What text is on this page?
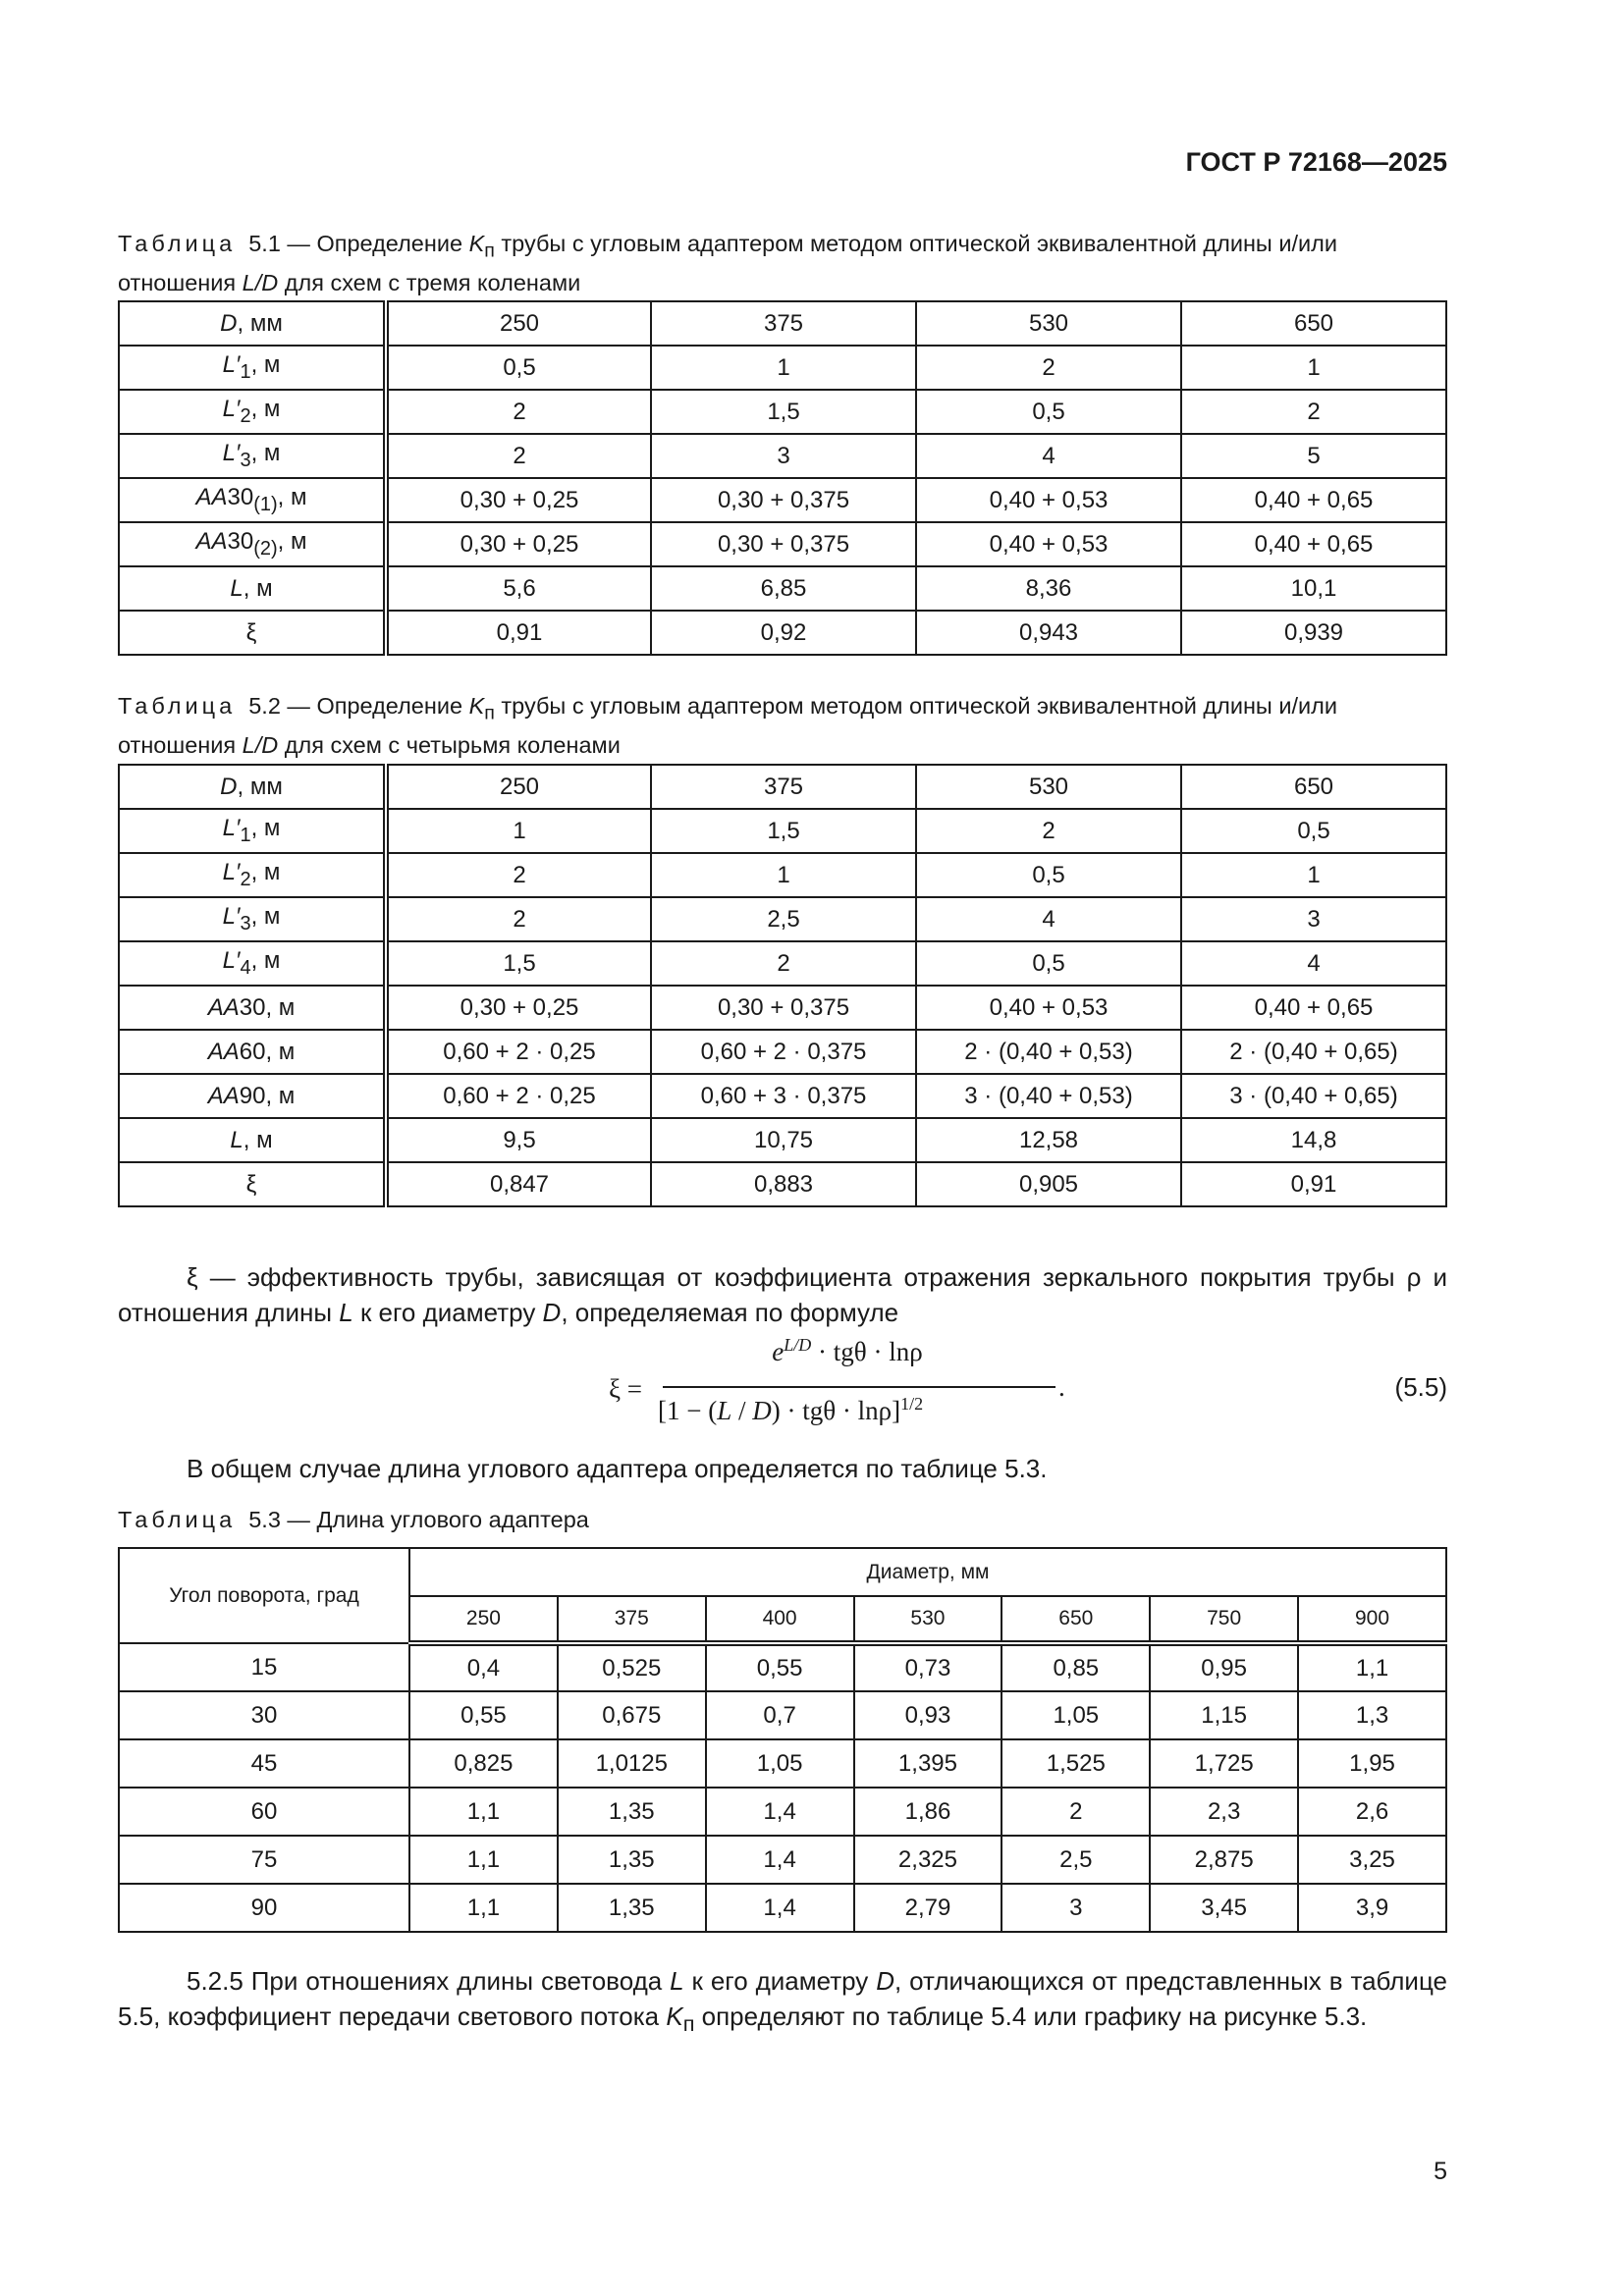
ГОСТ Р 72168—2025
Таблица 5.1 — Определение $K_п$ трубы с угловым адаптером методом оптической эквивалентной длины и/или
отношения L/D для схем с тремя коленами
D, мм	250	375	530	650
$L'_1$, м	0,5	1	2	1
$L'_2$, м	2	1,5	0,5	2
$L'_3$, м	2	3	4	5
$AA30_{(1)}$, м	0,30 + 0,25	0,30 + 0,375	0,40 + 0,53	0,40 + 0,65
$AA30_{(2)}$, м	0,30 + 0,25	0,30 + 0,375	0,40 + 0,53	0,40 + 0,65
L, м	5,6	6,85	8,36	10,1
ξ	0,91	0,92	0,943	0,939
Таблица 5.2 — Определение $K_п$ трубы с угловым адаптером методом оптической эквивалентной длины и/или
отношения L/D для схем с четырьмя коленами
D, мм	250	375	530	650
$L'_1$, м	1	1,5	2	0,5
$L'_2$, м	2	1	0,5	1
$L'_3$, м	2	2,5	4	3
$L'_4$, м	1,5	2	0,5	4
AA30, м	0,30 + 0,25	0,30 + 0,375	0,40 + 0,53	0,40 + 0,65
AA60, м	0,60 + 2 · 0,25	0,60 + 2 · 0,375	2 · (0,40 + 0,53)	2 · (0,40 + 0,65)
AA90, м	0,60 + 2 · 0,25	0,60 + 3 · 0,375	3 · (0,40 + 0,53)	3 · (0,40 + 0,65)
L, м	9,5	10,75	12,58	14,8
ξ	0,847	0,883	0,905	0,91
ξ — эффективность трубы, зависящая от коэффициента отражения зеркального покрытия трубы ρ и отношения длины L к его диаметру D, определяемая по формуле
ξ =
$e^{L/D} \cdot tg\theta \cdot \ln\rho$
$[1 - (L / D) \cdot tg\theta \cdot \ln\rho]^{1/2}$
.	(5.5)
В общем случае длина углового адаптера определяется по таблице 5.3.
Таблица 5.3 — Длина углового адаптера
Угол поворота, град	Диаметр, мм						
	250	375	400	530	650	750	900
15	0,4	0,525	0,55	0,73	0,85	0,95	1,1
30	0,55	0,675	0,7	0,93	1,05	1,15	1,3
45	0,825	1,0125	1,05	1,395	1,525	1,725	1,95
60	1,1	1,35	1,4	1,86	2	2,3	2,6
75	1,1	1,35	1,4	2,325	2,5	2,875	3,25
90	1,1	1,35	1,4	2,79	3	3,45	3,9
5.2.5 При отношениях длины световода L к его диаметру D, отличающихся от представленных в таблице 5.5, коэффициент передачи светового потока $K_п$ определяют по таблице 5.4 или графику на рисунке 5.3.
5
